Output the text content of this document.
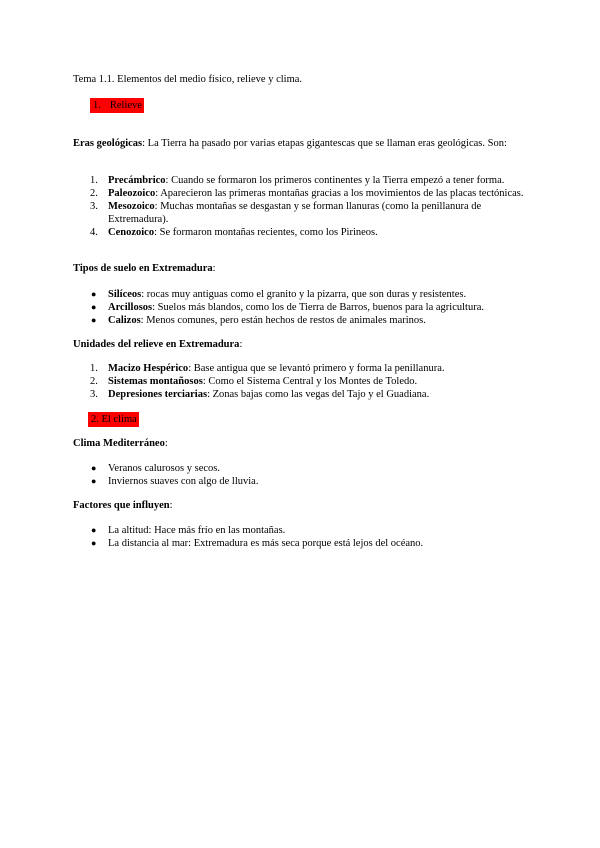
Tema 1.1. Elementos del medio físico, relieve y clima.
1. Relieve
Eras geológicas: La Tierra ha pasado por varias etapas gigantescas que se llaman eras geológicas. Son:
1. Precámbrico: Cuando se formaron los primeros continentes y la Tierra empezó a tener forma.
2. Paleozoico: Aparecieron las primeras montañas gracias a los movimientos de las placas tectónicas.
3. Mesozoico: Muchas montañas se desgastan y se forman llanuras (como la penillanura de Extremadura).
4. Cenozoico: Se formaron montañas recientes, como los Pirineos.
Tipos de suelo en Extremadura:
● Silíceos: rocas muy antiguas como el granito y la pizarra, que son duras y resistentes.
● Arcillosos: Suelos más blandos, como los de Tierra de Barros, buenos para la agricultura.
● Calizos: Menos comunes, pero están hechos de restos de animales marinos.
Unidades del relieve en Extremadura:
1. Macizo Hespérico: Base antigua que se levantó primero y forma la penillanura.
2. Sistemas montañosos: Como el Sistema Central y los Montes de Toledo.
3. Depresiones terciarias: Zonas bajas como las vegas del Tajo y el Guadiana.
2. El clima
Clima Mediterráneo:
● Veranos calurosos y secos.
● Inviernos suaves con algo de lluvia.
Factores que influyen:
● La altitud: Hace más frío en las montañas.
● La distancia al mar: Extremadura es más seca porque está lejos del océano.
